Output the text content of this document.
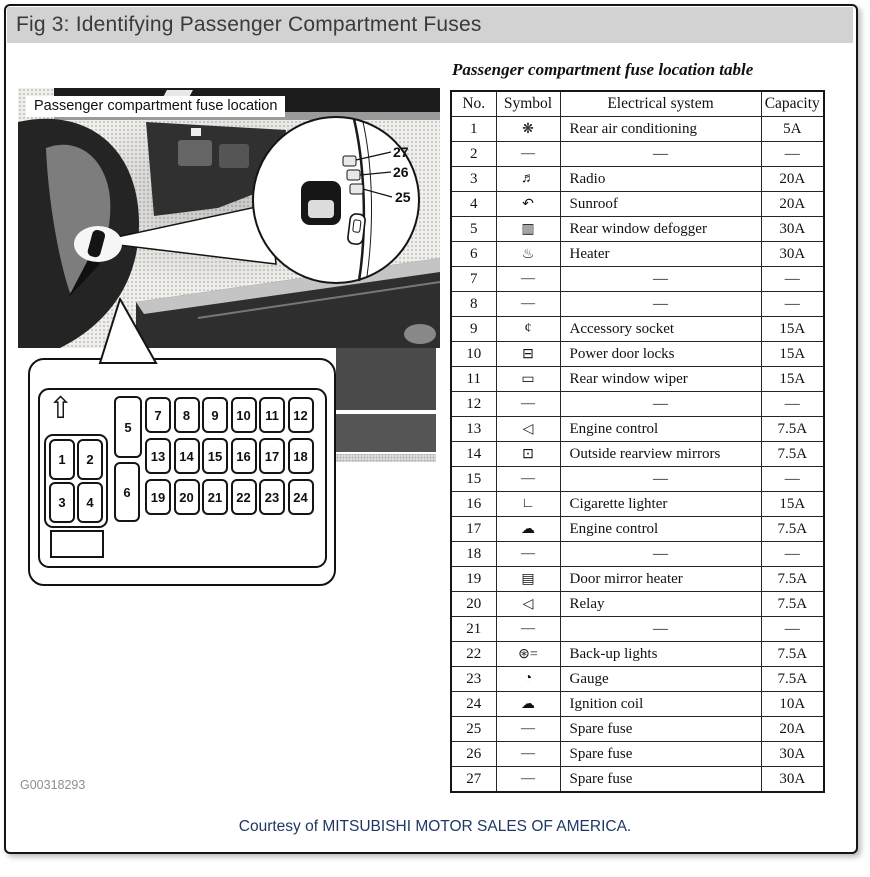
Fig 3: Identifying Passenger Compartment Fuses
27
26
25
Passenger compartment fuse location
⇧
1	2
3	4
5
6
7	8	9	10	11	12
13	14	15	16	17	18
19	20	21	22	23	24
G00318293
Passenger compartment fuse location table
No.	Symbol	Electrical system	Capacity
1	❋	Rear air conditioning	5A
2	—	—	—
3	♬	Radio	20A
4	↶	Sunroof	20A
5	▥	Rear window defogger	30A
6	♨	Heater	30A
7	—	—	—
8	—	—	—
9	¢	Accessory socket	15A
10	⊟	Power door locks	15A
11	▭	Rear window wiper	15A
12	—	—	—
13	◁	Engine control	7.5A
14	⊡	Outside rearview mirrors	7.5A
15	—	—	—
16	∟	Cigarette lighter	15A
17	☁	Engine control	7.5A
18	—	—	—
19	▤	Door mirror heater	7.5A
20	◁	Relay	7.5A
21	—	—	—
22	⊛=	Back-up lights	7.5A
23	◔	Gauge	7.5A
24	☁	Ignition coil	10A
25	—	Spare fuse	20A
26	—	Spare fuse	30A
27	—	Spare fuse	30A
Courtesy of MITSUBISHI MOTOR SALES OF AMERICA.
